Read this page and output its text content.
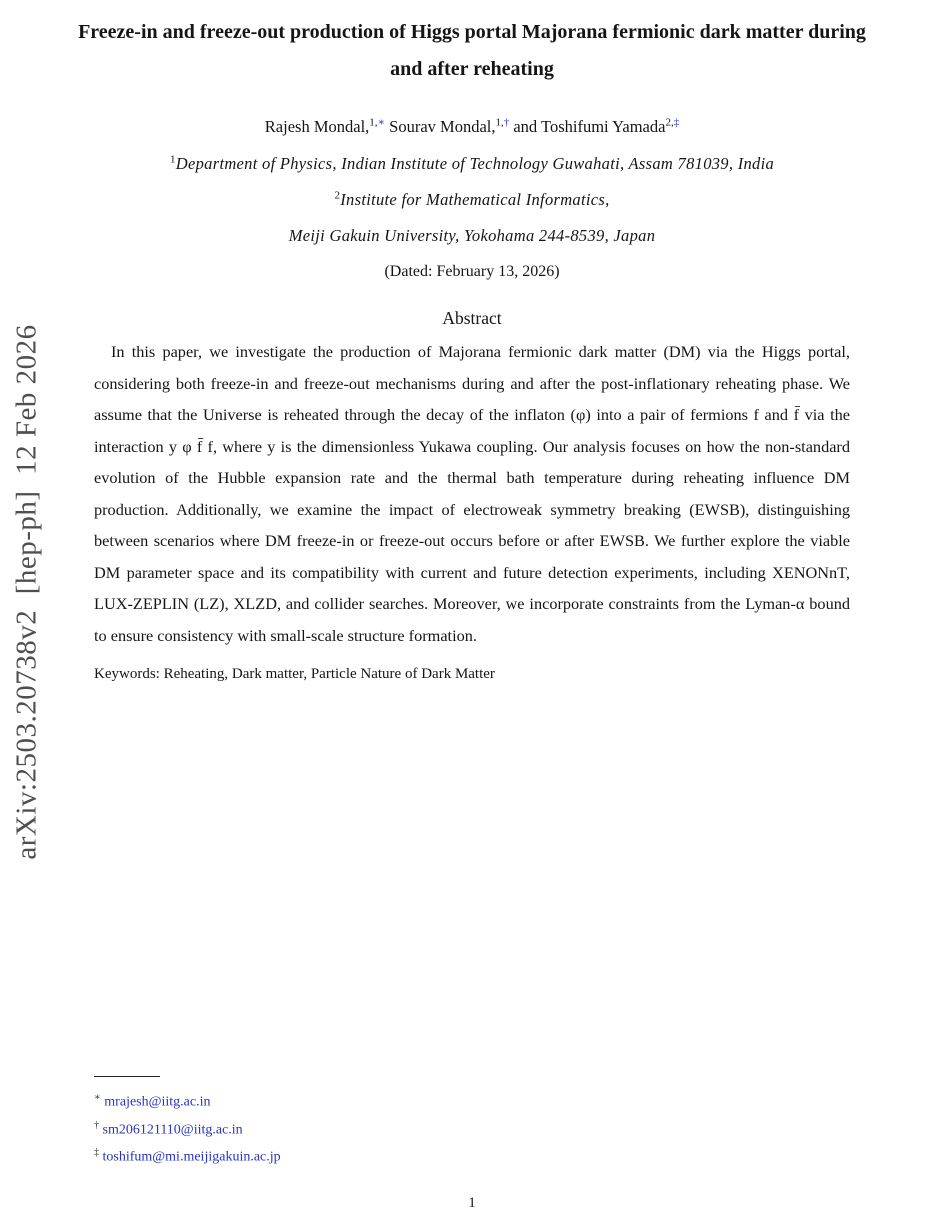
arXiv:2503.20738v2  [hep-ph]  12 Feb 2026
Freeze-in and freeze-out production of Higgs portal Majorana fermionic dark matter during and after reheating
Rajesh Mondal,$^{1,∗}$ Sourav Mondal,$^{1,\dagger}$ and Toshifumi Yamada$^{2,\ddagger}$
$^1$Department of Physics, Indian Institute of Technology Guwahati, Assam 781039, India
$^2$Institute for Mathematical Informatics,
Meiji Gakuin University, Yokohama 244-8539, Japan
(Dated: February 13, 2026)
Abstract
In this paper, we investigate the production of Majorana fermionic dark matter (DM) via the Higgs portal, considering both freeze-in and freeze-out mechanisms during and after the post-inflationary reheating phase. We assume that the Universe is reheated through the decay of the inflaton (φ) into a pair of fermions f and f̄ via the interaction y φ f̄ f, where y is the dimensionless Yukawa coupling. Our analysis focuses on how the non-standard evolution of the Hubble expansion rate and the thermal bath temperature during reheating influence DM production. Additionally, we examine the impact of electroweak symmetry breaking (EWSB), distinguishing between scenarios where DM freeze-in or freeze-out occurs before or after EWSB. We further explore the viable DM parameter space and its compatibility with current and future detection experiments, including XENONnT, LUX-ZEPLIN (LZ), XLZD, and collider searches. Moreover, we incorporate constraints from the Lyman-α bound to ensure consistency with small-scale structure formation.
Keywords: Reheating, Dark matter, Particle Nature of Dark Matter
∗ mrajesh@iitg.ac.in
† sm206121110@iitg.ac.in
‡ toshifum@mi.meijigakuin.ac.jp
1
